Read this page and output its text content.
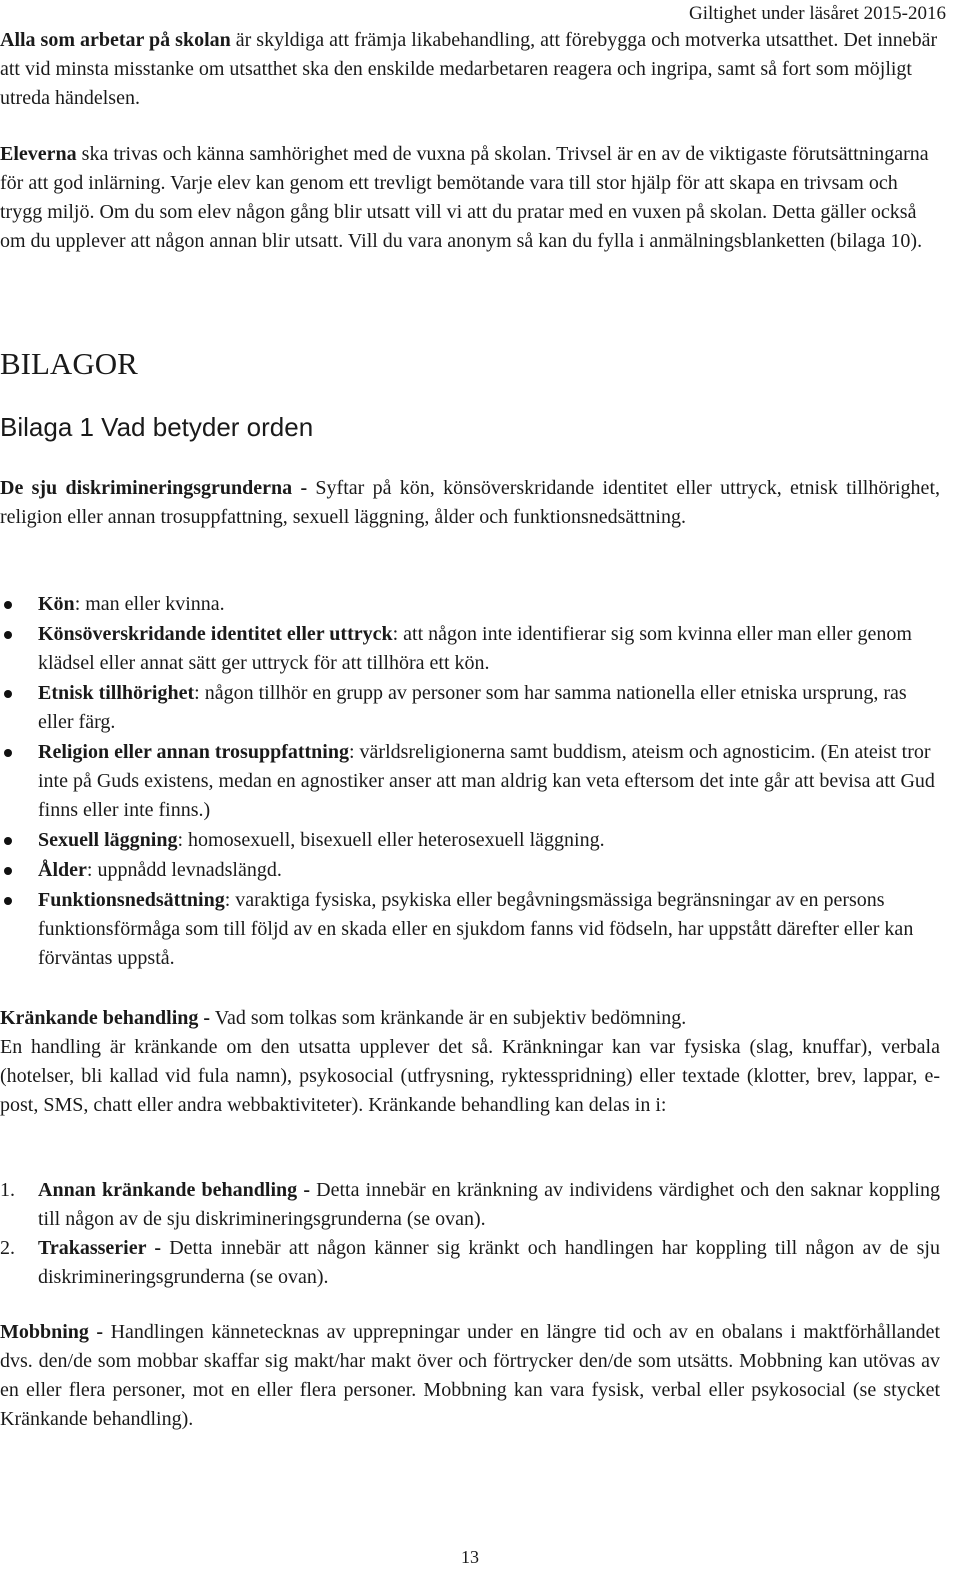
Giltighet under läsåret 2015-2016

Alla som arbetar på skolan är skyldiga att främja likabehandling, att förebygga och motverka utsatthet. Det innebär att vid minsta misstanke om utsatthet ska den enskilde medarbetaren reagera och ingripa, samt så fort som möjligt utreda händelsen.

Eleverna ska trivas och känna samhörighet med de vuxna på skolan. Trivsel är en av de viktigaste förutsättningarna för att god inlärning. Varje elev kan genom ett trevligt bemötande vara till stor hjälp för att skapa en trivsam och trygg miljö. Om du som elev någon gång blir utsatt vill vi att du pratar med en vuxen på skolan. Detta gäller också om du upplever att någon annan blir utsatt. Vill du vara anonym så kan du fylla i anmälningsblanketten (bilaga 10).

BILAGOR
Bilaga 1 Vad betyder orden

De sju diskrimineringsgrunderna - Syftar på kön, könsöverskridande identitet eller uttryck, etnisk tillhörighet, religion eller annan trosuppfattning, sexuell läggning, ålder och funktionsnedsättning.

Kön: man eller kvinna.
Könsöverskridande identitet eller uttryck: att någon inte identifierar sig som kvinna eller man eller genom klädsel eller annat sätt ger uttryck för att tillhöra ett kön.
Etnisk tillhörighet: någon tillhör en grupp av personer som har samma nationella eller etniska ursprung, ras eller färg.
Religion eller annan trosuppfattning: världsreligionerna samt buddism, ateism och agnosticim. (En ateist tror inte på Guds existens, medan en agnostiker anser att man aldrig kan veta eftersom det inte går att bevisa att Gud finns eller inte finns.)
Sexuell läggning: homosexuell, bisexuell eller heterosexuell läggning.
Ålder: uppnådd levnadslängd.
Funktionsnedsättning: varaktiga fysiska, psykiska eller begåvningsmässiga begränsningar av en persons funktionsförmåga som till följd av en skada eller en sjukdom fanns vid födseln, har uppstått därefter eller kan förväntas uppstå.

Kränkande behandling - Vad som tolkas som kränkande är en subjektiv bedömning.

En handling är kränkande om den utsatta upplever det så. Kränkningar kan var fysiska (slag, knuffar), verbala (hotelser, bli kallad vid fula namn), psykosocial (utfrysning, ryktesspridning) eller textade (klotter, brev, lappar, e-post, SMS, chatt eller andra webbaktiviteter). Kränkande behandling kan delas in i:

1. Annan kränkande behandling - Detta innebär en kränkning av individens värdighet och den saknar koppling till någon av de sju diskrimineringsgrunderna (se ovan).
2. Trakasserier - Detta innebär att någon känner sig kränkt och handlingen har koppling till någon av de sju diskrimineringsgrunderna (se ovan).

Mobbning - Handlingen kännetecknas av upprepningar under en längre tid och av en obalans i maktförhållandet dvs. den/de som mobbar skaffar sig makt/har makt över och förtrycker den/de som utsätts. Mobbning kan utövas av en eller flera personer, mot en eller flera personer. Mobbning kan vara fysisk, verbal eller psykosocial (se stycket Kränkande behandling).

13
